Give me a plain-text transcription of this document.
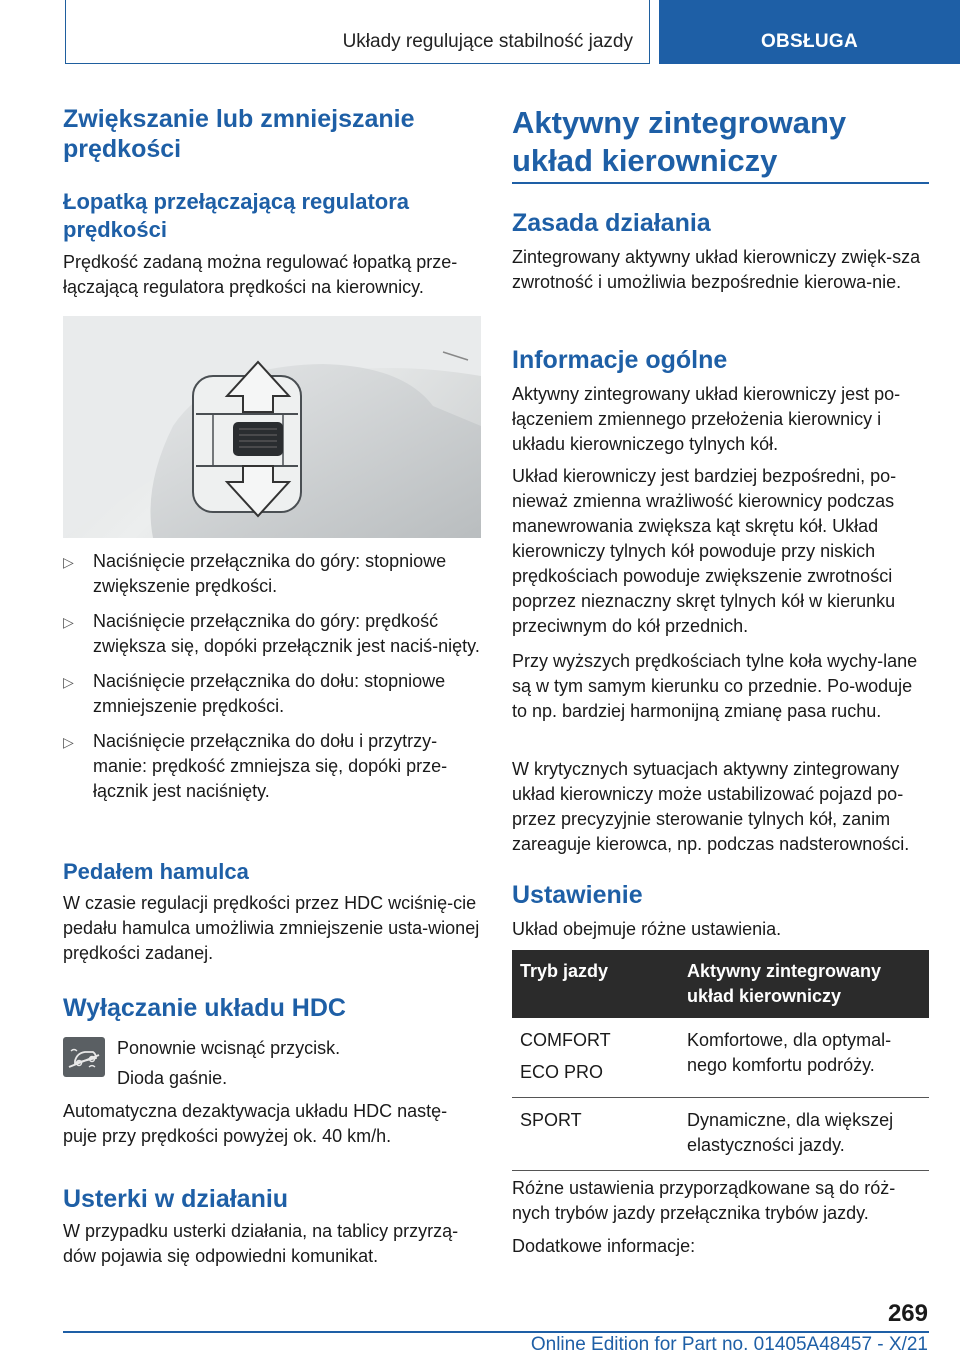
Układy regulujące stabilność jazdy	OBSŁUGA
Zwiększanie lub zmniejszanie prędkości
Łopatką przełączającą regulatora prędkości

Prędkość zadaną można regulować łopatką prze-łączającą regulatora prędkości na kierownicy.

▷ Naciśnięcie przełącznika do góry: stopniowe zwiększenie prędkości.
▷ Naciśnięcie przełącznika do góry: prędkość zwiększa się, dopóki przełącznik jest naciś-nięty.
▷ Naciśnięcie przełącznika do dołu: stopniowe zmniejszenie prędkości.
▷ Naciśnięcie przełącznika do dołu i przytrzy-manie: prędkość zmniejsza się, dopóki prze-łącznik jest naciśnięty.
Pedałem hamulca

W czasie regulacji prędkości przez HDC wciśnię-cie pedału hamulca umożliwia zmniejszenie usta-wionej prędkości zadanej.

Wyłączanie układu HDC

Ponownie wcisnąć przycisk.

Dioda gaśnie.

Automatyczna dezaktywacja układu HDC nastę-puje przy prędkości powyżej ok. 40 km/h.

Usterki w działaniu

W przypadku usterki działania, na tablicy przyrzą-dów pojawia się odpowiedni komunikat.

Aktywny zintegrowany układ kierowniczy
Zasada działania

Zintegrowany aktywny układ kierowniczy zwięk-sza zwrotność i umożliwia bezpośrednie kierowa-nie.

Informacje ogólne

Aktywny zintegrowany układ kierowniczy jest po-łączeniem zmiennego przełożenia kierownicy i układu kierowniczego tylnych kół.

Układ kierowniczy jest bardziej bezpośredni, po-nieważ zmienna wrażliwość kierownicy podczas manewrowania zwiększa kąt skrętu kół. Układ kierowniczy tylnych kół powoduje przy niskich prędkościach powoduje zwiększenie zwrotności poprzez nieznaczny skręt tylnych kół w kierunku przeciwnym do kół przednich.

Przy wyższych prędkościach tylne koła wychy-lane są w tym samym kierunku co przednie. Po-woduje to np. bardziej harmonijną zmianę pasa ruchu.

W krytycznych sytuacjach aktywny zintegrowany układ kierowniczy może ustabilizować pojazd po-przez precyzyjnie sterowanie tylnych kół, zanim zareaguje kierowca, np. podczas nadsterowności.

Ustawienie

Układ obejmuje różne ustawienia.

Tryb jazdy	Aktywny zintegrowany układ kierowniczy

COMFORT
ECO PRO	Komfortowe, dla optymal-nego komfortu podróży.

SPORT	Dynamiczne, dla większej elastyczności jazdy.

Różne ustawienia przyporządkowane są do róż-nych trybów jazdy przełącznika trybów jazdy.

Dodatkowe informacje:

269
Online Edition for Part no. 01405A48457 - X/21
